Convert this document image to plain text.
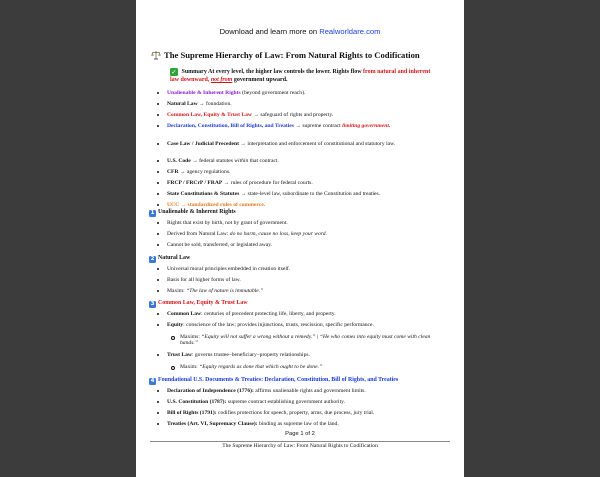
Download and learn more on Realworldare.com
The Supreme Hierarchy of Law: From Natural Rights to Codification
✓ Summary At every level, the higher law controls the lower. Rights flow from natural and inherent law downward, not from government upward.
Unalienable & Inherent Rights (beyond government reach).
Natural Law → foundation.
Common Law, Equity & Trust Law → safeguard of rights and property.
Declaration, Constitution, Bill of Rights, and Treaties → supreme contract limiting government.
Case Law / Judicial Precedent → interpretation and enforcement of constitutional and statutory law.
U.S. Code → federal statutes within that contract.
CFR → agency regulations.
FRCP / FRCrP / FRAP → rules of procedure for federal courts.
State Constitutions & Statutes → state-level law, subordinate to the Constitution and treaties.
UCC → standardized rules of commerce.
1 Unalienable & Inherent Rights
Rights that exist by birth, not by grant of government.
Derived from Natural Law: do no harm, cause no loss, keep your word.
Cannot be sold, transferred, or legislated away.
2 Natural Law
Universal moral principles embedded in creation itself.
Basis for all higher forms of law.
Maxim: “The law of nature is immutable.”
3 Common Law, Equity & Trust Law
Common Law: centuries of precedent protecting life, liberty, and property.
Equity: conscience of the law; provides injunctions, trusts, rescission, specific performance.
Maxims: “Equity will not suffer a wrong without a remedy.” | “He who comes into equity must come with clean hands.”
Trust Law: governs trustee–beneficiary–property relationships.
Maxim: “Equity regards as done that which ought to be done.”
4 Foundational U.S. Documents & Treaties: Declaration, Constitution, Bill of Rights, and Treaties
Declaration of Independence (1776): affirms unalienable rights and government limits.
U.S. Constitution (1787): supreme contract establishing government authority.
Bill of Rights (1791): codifies protections for speech, property, arms, due process, jury trial.
Treaties (Art. VI, Supremacy Clause): binding as supreme law of the land.
Page 1 of 2
The Supreme Hierarchy of Law: From Natural Rights to Codification
